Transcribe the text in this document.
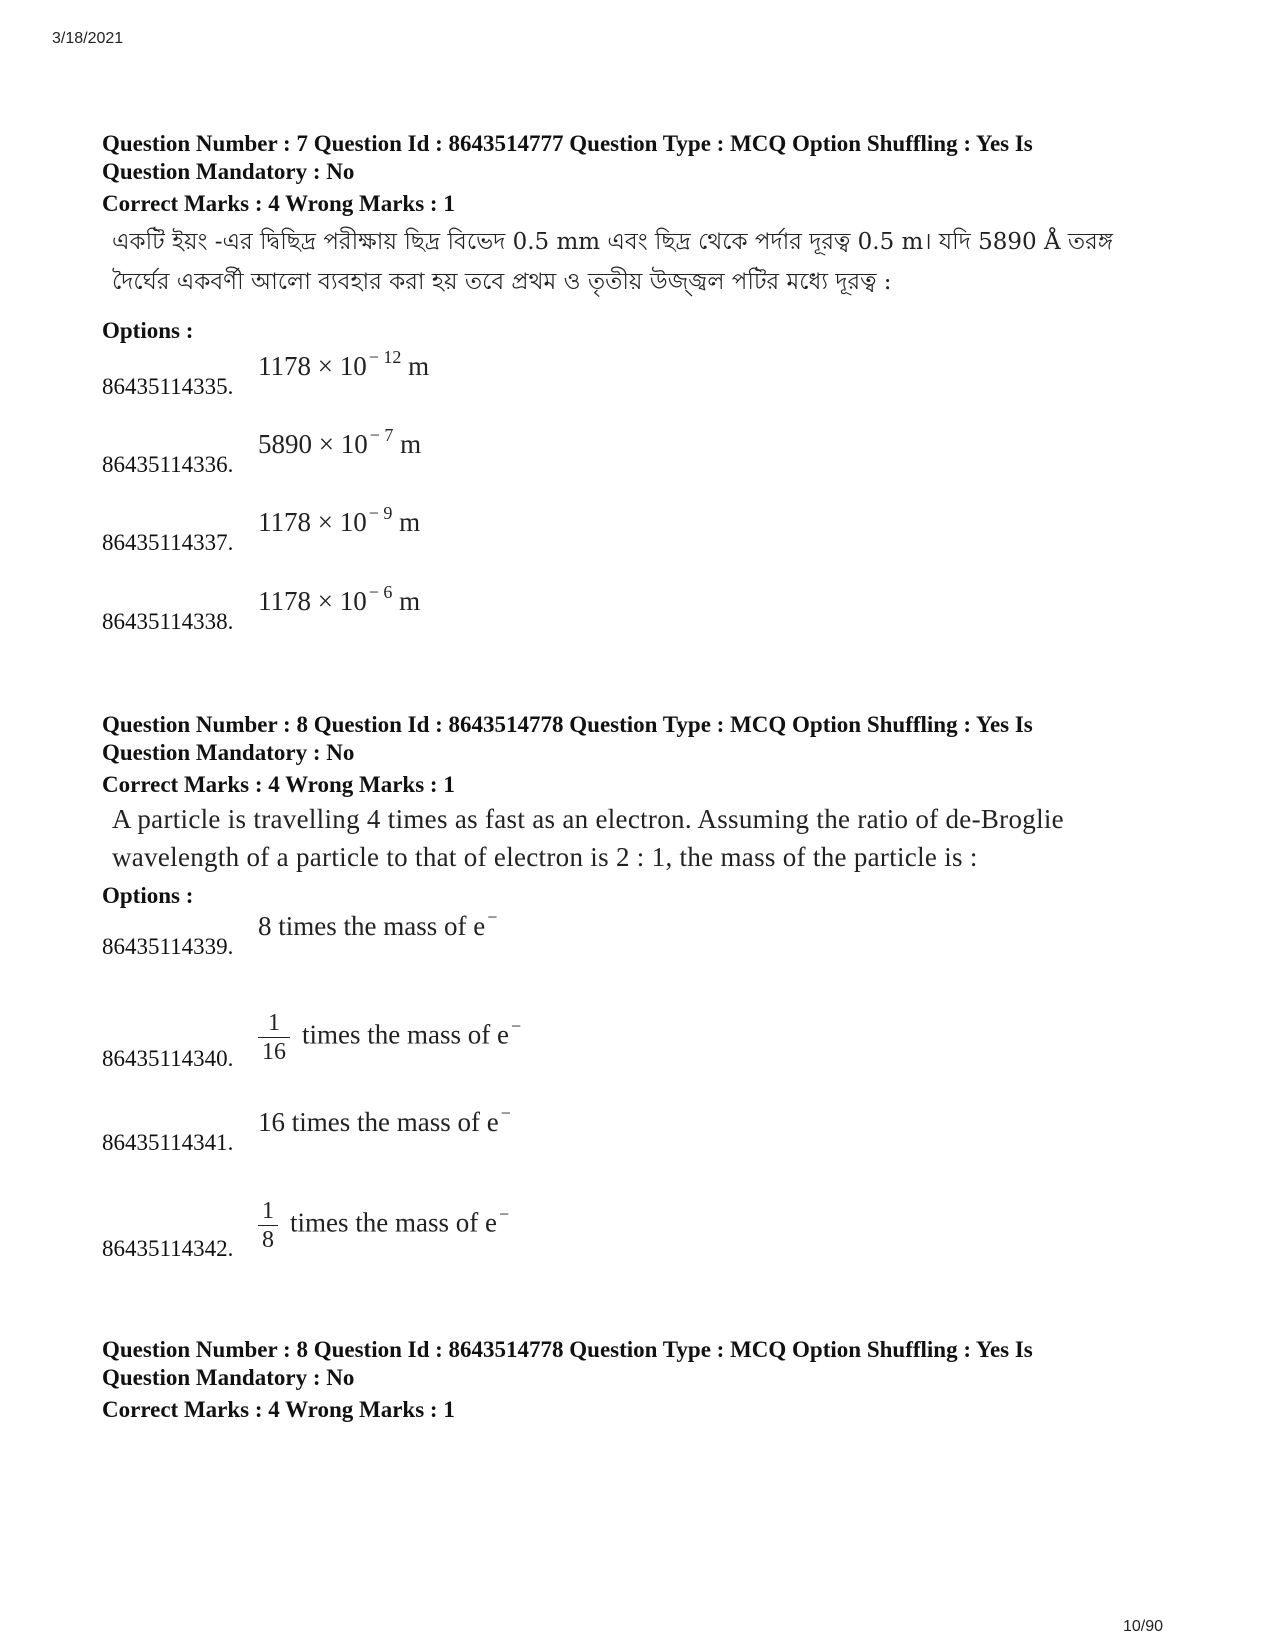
3/18/2021
Question Number : 7 Question Id : 8643514777 Question Type : MCQ Option Shuffling : Yes Is
Question Mandatory : No
Correct Marks : 4 Wrong Marks : 1
একটি ইয়ং -এর দ্বিছিদ্র পরীক্ষায় ছিদ্র বিভেদ 0.5 mm এবং ছিদ্র থেকে পর্দার দূরত্ব 0.5 m। যদি 5890 Å তরঙ্গ দৈর্ঘের একবর্ণী আলো ব্যবহার করা হয় তবে প্রথম ও তৃতীয় উজ্জ্বল পটির মধ্যে দূরত্ব :
Options :
86435114335.
1178 × 10 $^{- 12}$ m
86435114336.
5890 × 10 $^{- 7}$ m
86435114337.
1178 × 10 $^{- 9}$ m
86435114338.
1178 × 10 $^{- 6}$ m
Question Number : 8 Question Id : 8643514778 Question Type : MCQ Option Shuffling : Yes Is
Question Mandatory : No
Correct Marks : 4 Wrong Marks : 1
A particle is travelling 4 times as fast as an electron. Assuming the ratio of de-Broglie
wavelength of a particle to that of electron is 2 : 1, the mass of the particle is :
Options :
86435114339.
8 times the mass of e −
86435114340. $\frac{1}{16}$ times the mass of e −
86435114341.
16 times the mass of e −
86435114342. $\frac{1}{8}$ times the mass of e −
Question Number : 8 Question Id : 8643514778 Question Type : MCQ Option Shuffling : Yes Is
Question Mandatory : No
Correct Marks : 4 Wrong Marks : 1
10/90
